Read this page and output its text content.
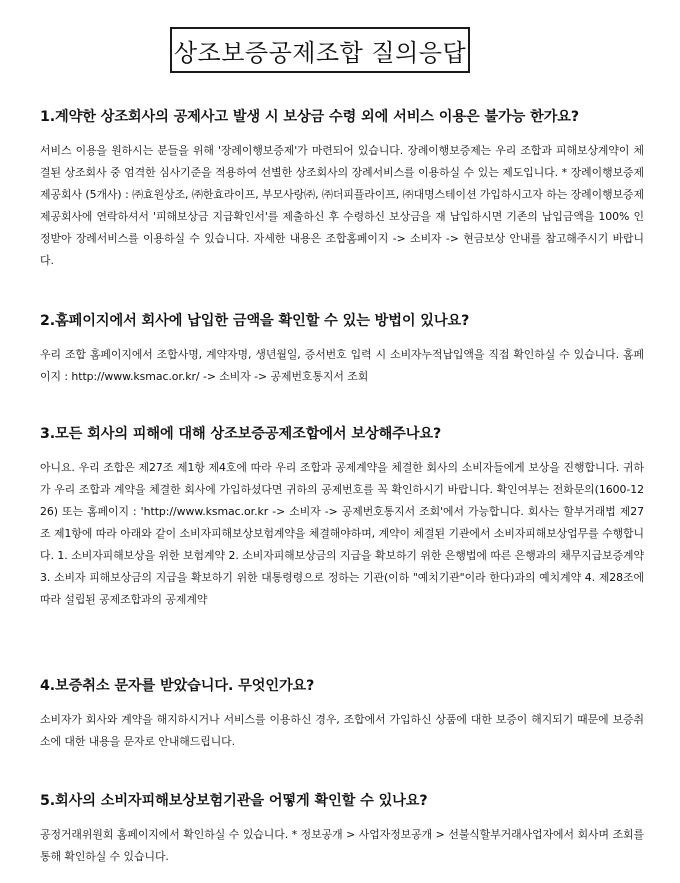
상조보증공제조합 질의응답

1.계약한 상조회사의 공제사고 발생 시 보상금 수령 외에 서비스 이용은 불가능 한가요?

서비스 이용을 원하시는 분들을 위해 '장례이행보증제'가 마련되어 있습니다. 장례이행보증제는 우리 조합과 피해보상계약이 체결된 상조회사 중 엄격한 심사기준을 적용하여 선별한 상조회사의 장례서비스를 이용하실 수 있는 제도입니다. * 장례이행보증제 제공회사 (5개사) : ㈜효원상조, ㈜한효라이프, 부모사랑㈜, ㈜더피플라이프, ㈜대명스테이션 가입하시고자 하는 장례이행보증제 제공회사에 연락하셔서 '피해보상금 지급확인서'를 제출하신 후 수령하신 보상금을 재 납입하시면 기존의 납입금액을 100% 인정받아 장례서비스를 이용하실 수 있습니다. 자세한 내용은 조합홈페이지 -> 소비자 -> 현금보상 안내를 참고해주시기 바랍니다.

2.홈페이지에서 회사에 납입한 금액을 확인할 수 있는 방법이 있나요?

우리 조합 홈페이지에서 조합사명, 계약자명, 생년월일, 증서번호 입력 시 소비자누적납입액을 직접 확인하실 수 있습니다. 홈페이지 : http://www.ksmac.or.kr/ -> 소비자 -> 공제번호통지서 조회

3.모든 회사의 피해에 대해 상조보증공제조합에서 보상해주나요?

아니요. 우리 조합은 제27조 제1항 제4호에 따라 우리 조합과 공제계약을 체결한 회사의 소비자들에게 보상을 진행합니다. 귀하가 우리 조합과 계약을 체결한 회사에 가입하셨다면 귀하의 공제번호를 꼭 확인하시기 바랍니다. 확인여부는 전화문의(1600-1226) 또는 홈페이지 : 'http://www.ksmac.or.kr -> 소비자 -> 공제번호통지서 조회'에서 가능합니다. 회사는 할부거래법 제27조 제1항에 따라 아래와 같이 소비자피해보상보험계약을 체결해야하며, 계약이 체결된 기관에서 소비자피해보상업무를 수행합니다. 1. 소비자피해보상을 위한 보험계약 2. 소비자피해보상금의 지급을 확보하기 위한 은행법에 따른 은행과의 채무지급보증계약 3. 소비자 피해보상금의 지급을 확보하기 위한 대통령령으로 정하는 기관(이하 "예치기관"이라 한다)과의 예치계약 4. 제28조에 따라 설립된 공제조합과의 공제계약

4.보증취소 문자를 받았습니다. 무엇인가요?

소비자가 회사와 계약을 해지하시거나 서비스를 이용하신 경우, 조합에서 가입하신 상품에 대한 보증이 해지되기 때문에 보증취소에 대한 내용을 문자로 안내해드립니다.

5.회사의 소비자피해보상보험기관을 어떻게 확인할 수 있나요?

공정거래위원회 홈페이지에서 확인하실 수 있습니다. * 정보공개 > 사업자정보공개 > 선불식할부거래사업자에서 회사며 조회를 통해 확인하실 수 있습니다.
